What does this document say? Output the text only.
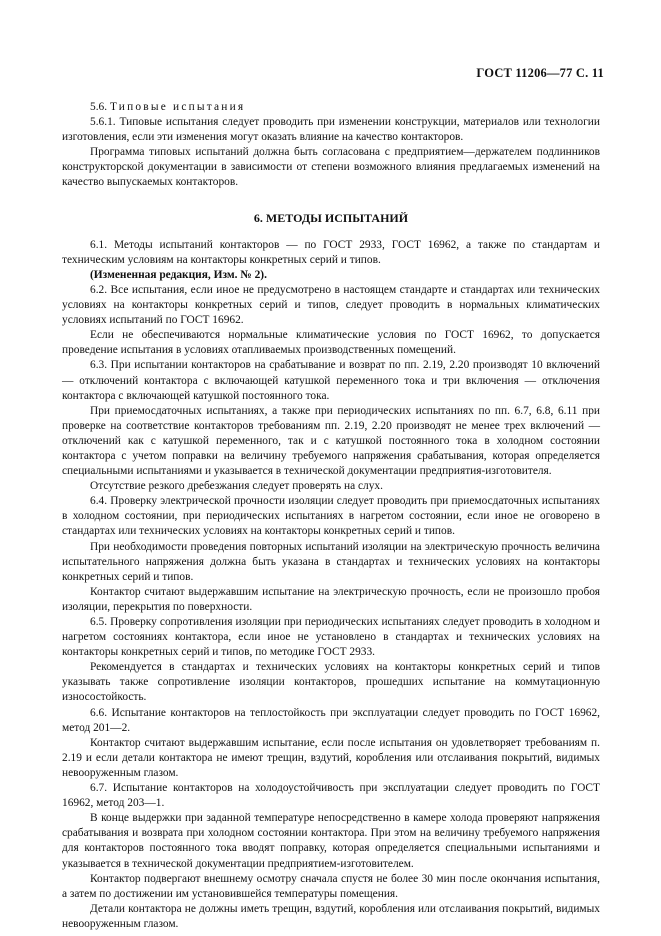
ГОСТ 11206—77 С. 11

5.6. Типовые испытания

5.6.1. Типовые испытания следует проводить при изменении конструкции, материалов или технологии изготовления, если эти изменения могут оказать влияние на качество контакторов.

Программа типовых испытаний должна быть согласована с предприятием—держателем подлинников конструкторской документации в зависимости от степени возможного влияния предлагаемых изменений на качество выпускаемых контакторов.

6. МЕТОДЫ ИСПЫТАНИЙ

6.1. Методы испытаний контакторов — по ГОСТ 2933, ГОСТ 16962, а также по стандартам и техническим условиям на контакторы конкретных серий и типов.

(Измененная редакция, Изм. № 2).

6.2. Все испытания, если иное не предусмотрено в настоящем стандарте и стандартах или технических условиях на контакторы конкретных серий и типов, следует проводить в нормальных климатических условиях испытаний по ГОСТ 16962.

Если не обеспечиваются нормальные климатические условия по ГОСТ 16962, то допускается проведение испытания в условиях отапливаемых производственных помещений.

6.3. При испытании контакторов на срабатывание и возврат по пп. 2.19, 2.20 производят 10 включений — отключений контактора с включающей катушкой переменного тока и три включения — отключения контактора с включающей катушкой постоянного тока.

При приемосдаточных испытаниях, а также при периодических испытаниях по пп. 6.7, 6.8, 6.11 при проверке на соответствие контакторов требованиям пп. 2.19, 2.20 производят не менее трех включений — отключений как с катушкой переменного, так и с катушкой постоянного тока в холодном состоянии контактора с учетом поправки на величину требуемого напряжения срабатывания, которая определяется специальными испытаниями и указывается в технической документации предприятия-изготовителя.

Отсутствие резкого дребезжания следует проверять на слух.

6.4. Проверку электрической прочности изоляции следует проводить при приемосдаточных испытаниях в холодном состоянии, при периодических испытаниях в нагретом состоянии, если иное не оговорено в стандартах или технических условиях на контакторы конкретных серий и типов.

При необходимости проведения повторных испытаний изоляции на электрическую прочность величина испытательного напряжения должна быть указана в стандартах и технических условиях на контакторы конкретных серий и типов.

Контактор считают выдержавшим испытание на электрическую прочность, если не произошло пробоя изоляции, перекрытия по поверхности.

6.5. Проверку сопротивления изоляции при периодических испытаниях следует проводить в холодном и нагретом состояниях контактора, если иное не установлено в стандартах и технических условиях на контакторы конкретных серий и типов, по методике ГОСТ 2933.

Рекомендуется в стандартах и технических условиях на контакторы конкретных серий и типов указывать также сопротивление изоляции контакторов, прошедших испытание на коммутационную износостойкость.

6.6. Испытание контакторов на теплостойкость при эксплуатации следует проводить по ГОСТ 16962, метод 201—2.

Контактор считают выдержавшим испытание, если после испытания он удовлетворяет требованиям п. 2.19 и если детали контактора не имеют трещин, вздутий, коробления или отслаивания покрытий, видимых невооруженным глазом.

6.7. Испытание контакторов на холодоустойчивость при эксплуатации следует проводить по ГОСТ 16962, метод 203—1.

В конце выдержки при заданной температуре непосредственно в камере холода проверяют напряжения срабатывания и возврата при холодном состоянии контактора. При этом на величину требуемого напряжения для контакторов постоянного тока вводят поправку, которая определяется специальными испытаниями и указывается в технической документации предприятием-изготовителем.

Контактор подвергают внешнему осмотру сначала спустя не более 30 мин после окончания испытания, а затем по достижении им установившейся температуры помещения.

Детали контактора не должны иметь трещин, вздутий, коробления или отслаивания покрытий, видимых невооруженным глазом.
